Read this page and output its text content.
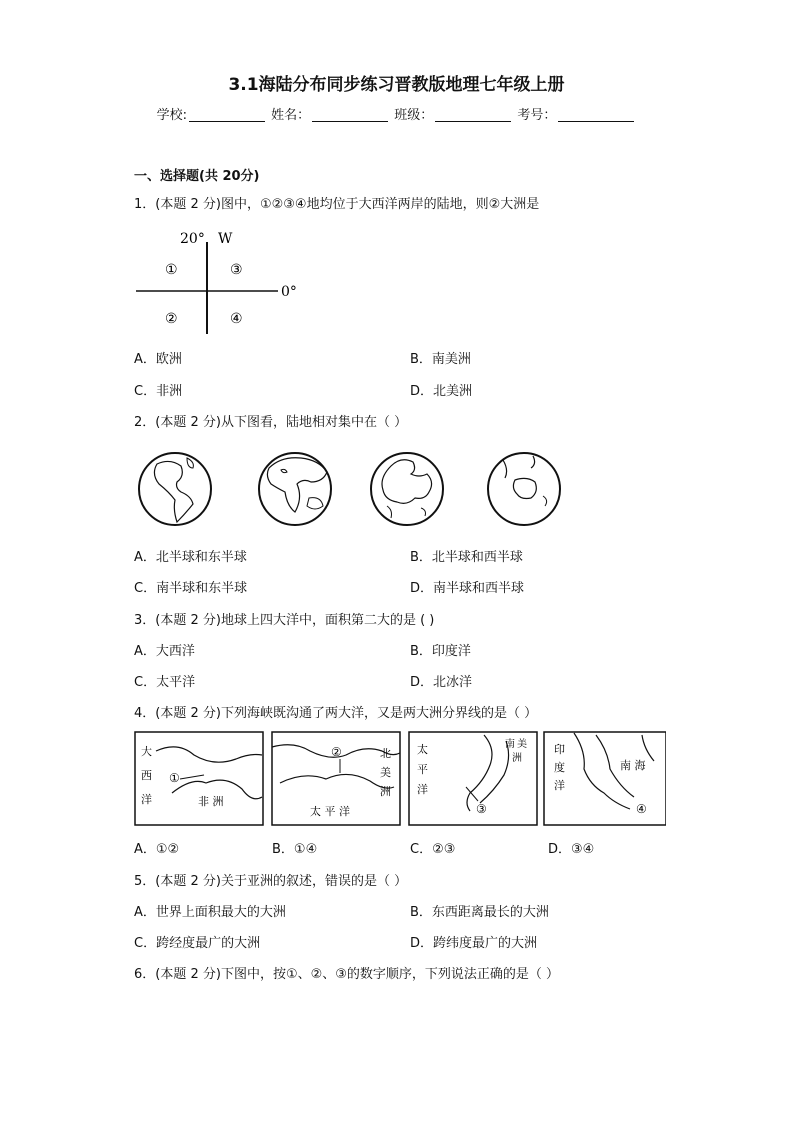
3.1海陆分布同步练习晋教版地理七年级上册
学校:	姓名：	班级：	考号：
一、选择题(共 20分)
1．(本题 2 分)图中，①②③④地均位于大西洋两岸的陆地，则②大洲是
20° W
0°
①	③
②	④
A．欧洲	B．南美洲
C．非洲	D．北美洲
2．(本题 2 分)从下图看，陆地相对集中在（ ）
A．北半球和东半球	B．北半球和西半球
C．南半球和东半球	D．南半球和西半球
3．(本题 2 分)地球上四大洋中，面积第二大的是 ( )
A．大西洋	B．印度洋
C．太平洋	D．北冰洋
4．(本题 2 分)下列海峡既沟通了两大洋，又是两大洲分界线的是（ ）
大
西
洋	非 洲
①
②	北
美
洲
太 平 洋
太
平
洋
南 美
洲
③
印
度
洋
南 海
④
A．①②	B．①④	C．②③	D．③④
5．(本题 2 分)关于亚洲的叙述，错误的是（ ）
A．世界上面积最大的大洲	B．东西距离最长的大洲
C．跨经度最广的大洲	D．跨纬度最广的大洲
6．(本题 2 分)下图中，按①、②、③的数字顺序，下列说法正确的是（ ）
